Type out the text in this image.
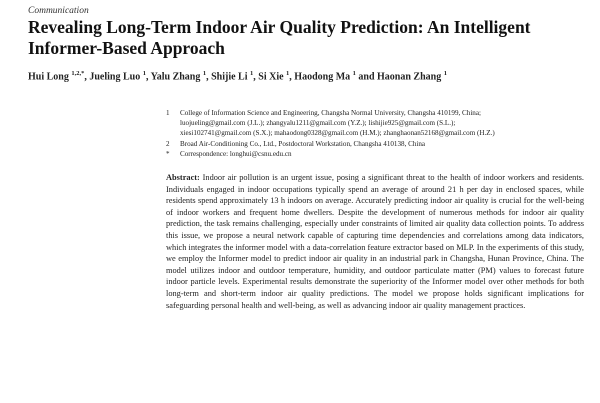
Communication
Revealing Long-Term Indoor Air Quality Prediction: An Intelligent Informer-Based Approach
Hui Long $^{1,2,*}$, Jueling Luo $^1$, Yalu Zhang $^1$, Shijie Li $^1$, Si Xie $^1$, Haodong Ma $^1$ and Haonan Zhang $^1$
1	College of Information Science and Engineering, Changsha Normal University, Changsha 410199, China;
luojueling@gmail.com (J.L.); zhangyalu1211@gmail.com (Y.Z.); lishijie925@gmail.com (S.L.);
xiesi102741@gmail.com (S.X.); mahaodong0328@gmail.com (H.M.); zhanghaonan52168@gmail.com (H.Z.)
2	Broad Air-Conditioning Co., Ltd., Postdoctoral Workstation, Changsha 410138, China
*	Correspondence: longhui@csnu.edu.cn

Abstract: Indoor air pollution is an urgent issue, posing a significant threat to the health of indoor workers and residents. Individuals engaged in indoor occupations typically spend an average of around 21 h per day in enclosed spaces, while residents spend approximately 13 h indoors on average. Accurately predicting indoor air quality is crucial for the well-being of indoor workers and frequent home dwellers. Despite the development of numerous methods for indoor air quality prediction, the task remains challenging, especially under constraints of limited air quality data collection points. To address this issue, we propose a neural network capable of capturing time dependencies and correlations among data indicators, which integrates the informer model with a data-correlation feature extractor based on MLP. In the experiments of this study, we employ the Informer model to predict indoor air quality in an industrial park in Changsha, Hunan Province, China. The model utilizes indoor and outdoor temperature, humidity, and outdoor particulate matter (PM) values to forecast future indoor particle levels. Experimental results demonstrate the superiority of the Informer model over other methods for both long-term and short-term indoor air quality predictions. The model we propose holds significant implications for safeguarding personal health and well-being, as well as advancing indoor air quality management practices.
